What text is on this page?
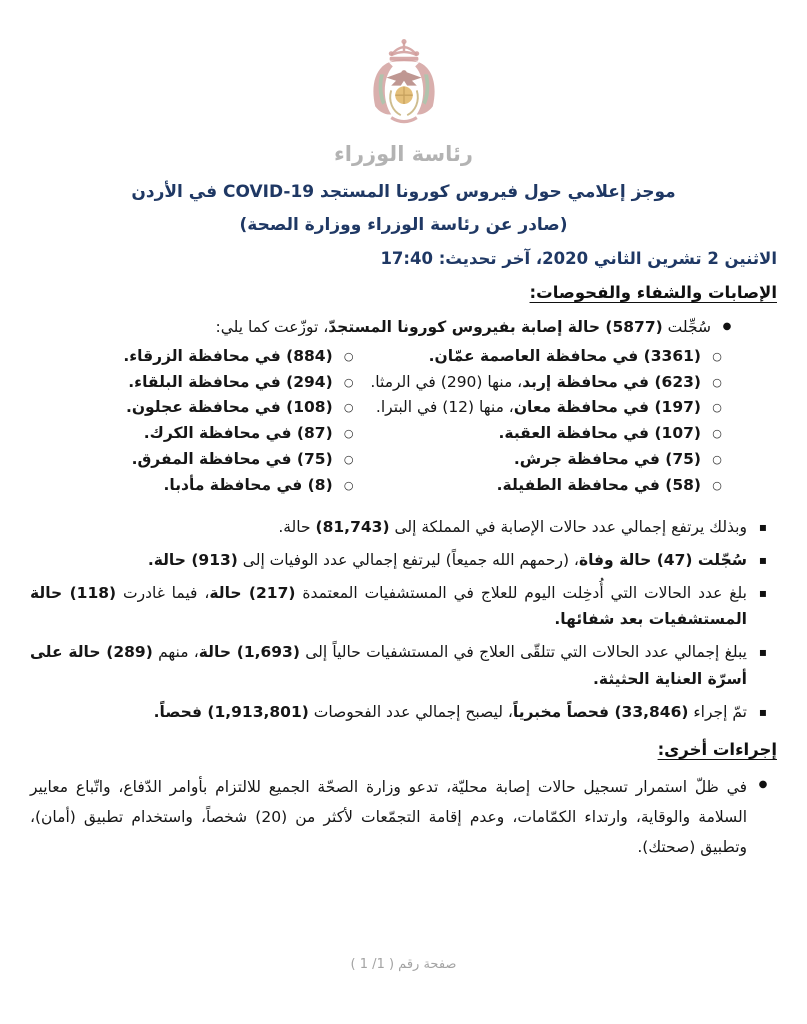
رئاسة الوزراء
موجز إعلامي حول فيروس كورونا المستجد COVID-19 في الأردن
(صادر عن رئاسة الوزراء ووزارة الصحة)
الاثنين 2 تشرين الثاني 2020، آخر تحديث: 17:40
الإصابات والشفاء والفحوصات:
●
سُجِّلت (5877) حالة إصابة بفيروس كورونا المستجدّ، توزّعت كما يلي:
○
(3361) في محافظة العاصمة عمّان.
○
(623) في محافظة إربد، منها (290) في الرمثا.
○
(197) في محافظة معان، منها (12) في البترا.
○
(107) في محافظة العقبة.
○
(75) في محافظة جرش.
○
(58) في محافظة الطفيلة.
○
(884) في محافظة الزرقاء.
○
(294) في محافظة البلقاء.
○
(108) في محافظة عجلون.
○
(87) في محافظة الكرك.
○
(75) في محافظة المفرق.
○
(8) في محافظة مأدبا.
▪
وبذلك يرتفع إجمالي عدد حالات الإصابة في المملكة إلى (81,743) حالة.
▪
سُجّلت (47) حالة وفاة، (رحمهم الله جميعاً) ليرتفع إجمالي عدد الوفيات إلى (913) حالة.
▪
بلغ عدد الحالات التي أُدخِلت اليوم للعلاج في المستشفيات المعتمدة (217) حالة، فيما غادرت (118) حالة المستشفيات بعد شفائها.
▪
يبلغ إجمالي عدد الحالات التي تتلقّى العلاج في المستشفيات حالياً إلى (1,693) حالة، منهم (289) حالة على أسرّة العناية الحثيثة.
▪
تمّ إجراء (33,846) فحصاً مخبرياً، ليصبح إجمالي عدد الفحوصات (1,913,801) فحصاً.
إجراءات أخرى:
●
في ظلّ استمرار تسجيل حالات إصابة محليّة، تدعو وزارة الصحّة الجميع للالتزام بأوامر الدّفاع، واتّباع معايير السلامة والوقاية، وارتداء الكمّامات، وعدم إقامة التجمّعات لأكثر من (20) شخصاً، واستخدام تطبيق (أمان)، وتطبيق (صحتك).
صفحة رقم ( 1/ 1 )
